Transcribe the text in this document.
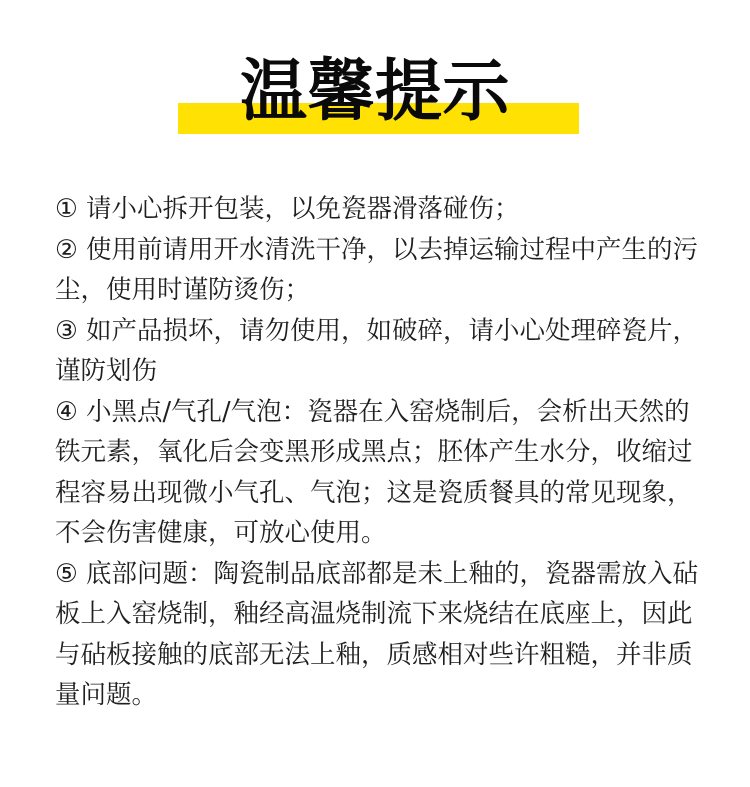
温馨提示

① 请小心拆开包装，以免瓷器滑落碰伤；

② 使用前请用开水清洗干净，以去掉运输过程中产生的污

尘，使用时谨防烫伤；

③ 如产品损坏，请勿使用，如破碎，请小心处理碎瓷片，

谨防划伤

④ 小黑点/气孔/气泡：瓷器在入窑烧制后，会析出天然的

铁元素，氧化后会变黑形成黑点；胚体产生水分，收缩过

程容易出现微小气孔、气泡；这是瓷质餐具的常见现象，

不会伤害健康，可放心使用。

⑤ 底部问题：陶瓷制品底部都是未上釉的，瓷器需放入砧

板上入窑烧制，釉经高温烧制流下来烧结在底座上，因此

与砧板接触的底部无法上釉，质感相对些许粗糙，并非质

量问题。
